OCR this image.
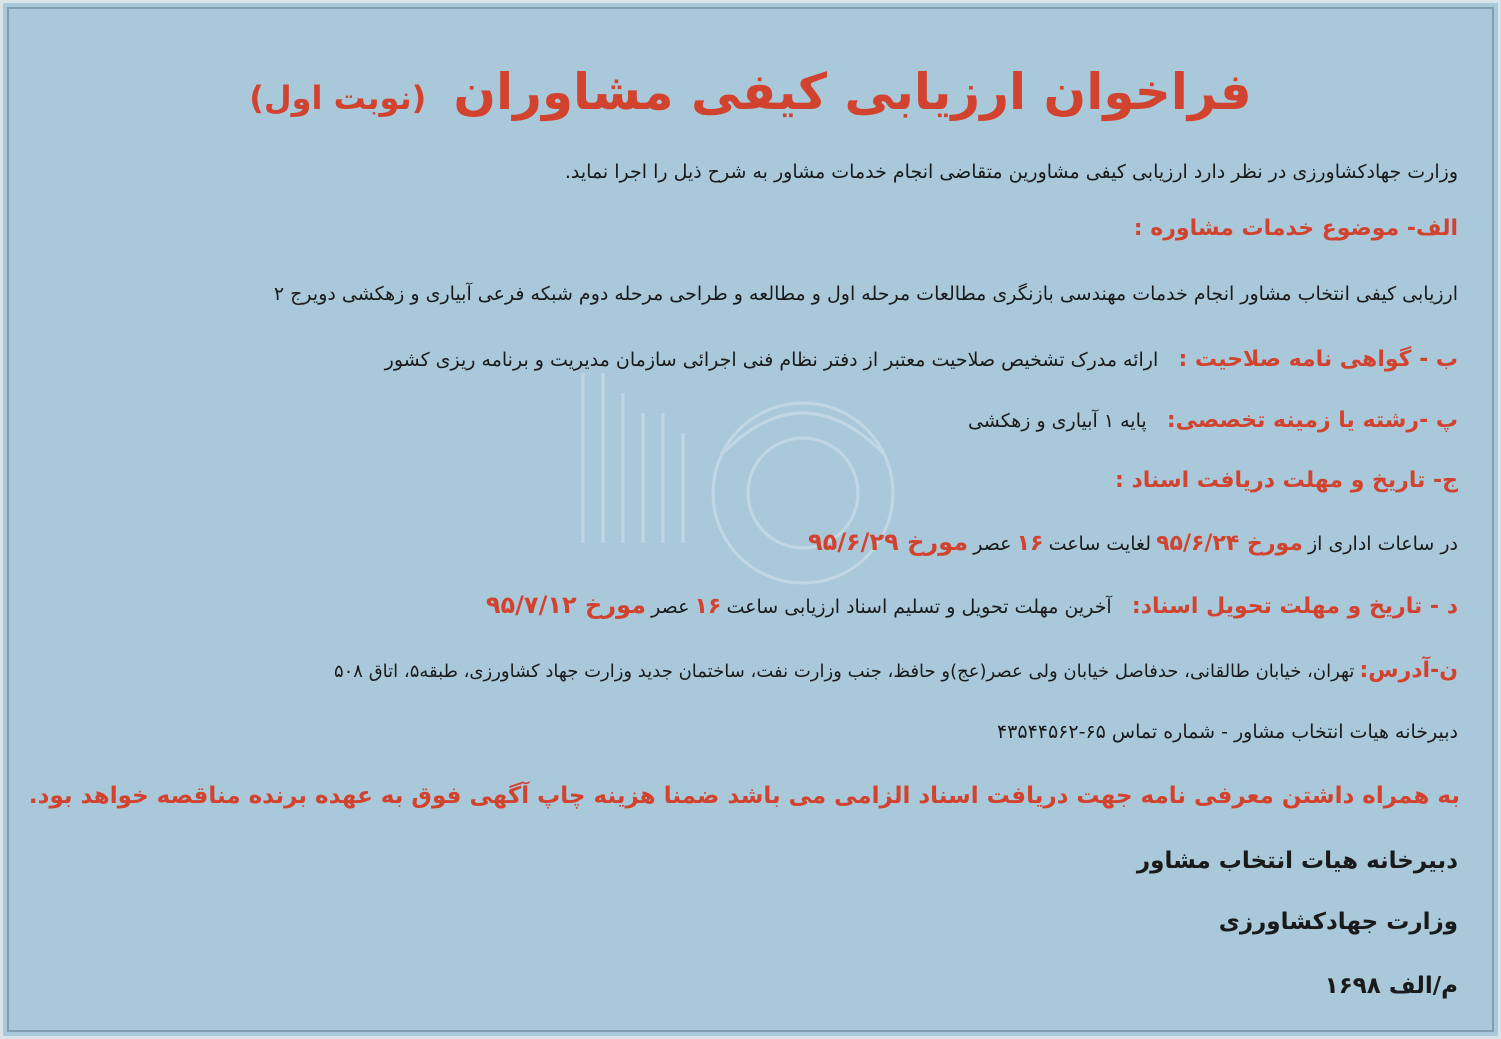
فراخوان ارزیابی کیفی مشاوران (نوبت اول)
وزارت جهادکشاورزی در نظر دارد ارزیابی کیفی مشاورین متقاضی انجام خدمات مشاور به شرح ذیل را اجرا نماید.
الف- موضوع خدمات مشاوره :
ارزیابی کیفی انتخاب مشاور انجام خدمات مهندسی بازنگری مطالعات مرحله اول و مطالعه و طراحی مرحله دوم شبکه فرعی آبیاری و زهکشی دویرج ۲
ب - گواهی نامه صلاحیت :  ارائه مدرک تشخیص صلاحیت معتبر از دفتر نظام فنی اجرائی سازمان مدیریت و برنامه ریزی کشور
پ -رشته یا زمینه تخصصی:  پایه ۱ آبیاری و زهکشی
ج- تاریخ و مهلت دریافت اسناد :
در ساعات اداری از مورخ ۹۵/۶/۲۴ لغایت ساعت ۱۶ عصر مورخ ۹۵/۶/۲۹
د - تاریخ و مهلت تحویل اسناد:  آخرین مهلت تحویل و تسلیم اسناد ارزیابی ساعت ۱۶ عصر مورخ ۹۵/۷/۱۲
ن-آدرس: تهران، خیابان طالقانی، حدفاصل خیابان ولی عصر(عج)و حافظ، جنب وزارت نفت، ساختمان جدید وزارت جهاد کشاورزی، طبقه۵، اتاق ۵۰۸
دبیرخانه هیات انتخاب مشاور - شماره تماس ۶۵-۴۳۵۴۴۵۶۲
به همراه داشتن معرفی نامه جهت دریافت اسناد الزامی می باشد ضمنا هزینه چاپ آگهی فوق به عهده برنده مناقصه خواهد بود.
دبیرخانه هیات انتخاب مشاور
وزارت جهادکشاورزی
م/الف ۱۶۹۸
